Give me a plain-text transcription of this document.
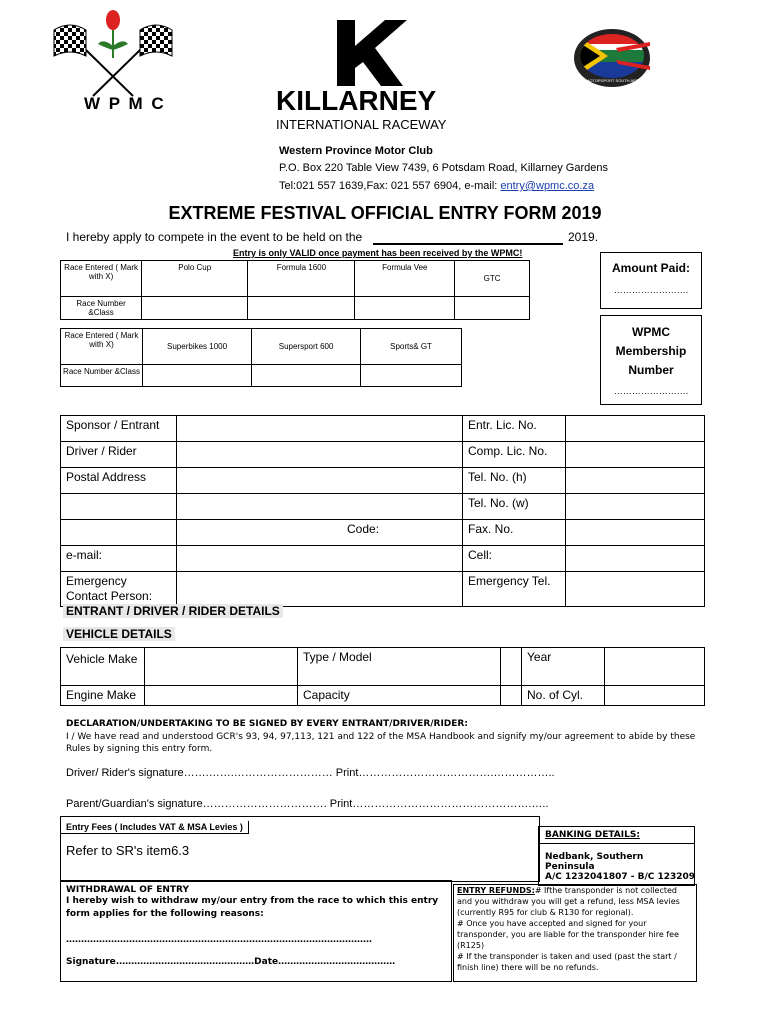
W P M C	KILLARNEY
INTERNATIONAL RACEWAY
MOTORSPORT SOUTH AFRICA
Western Province Motor Club
P.O. Box 220 Table View 7439, 6 Potsdam Road, Killarney Gardens
Tel:021 557 1639,Fax: 021 557 6904, e-mail: entry@wpmc.co.za
EXTREME FESTIVAL OFFICIAL ENTRY FORM 2019
I hereby apply to compete in the event to be held on the	2019.
Entry is only VALID once payment has been received by the WPMC!
Race Entered ( Mark with X)	Polo Cup	Formula 1600	Formula Vee	GTC
Race Number &Class				
Race Entered ( Mark with X)	Superbikes 1000	Supersport 600	Sports& GT
Race Number &Class			
Amount Paid:
…………………….
WPMC Membership Number
…………………….
Sponsor / Entrant		Entr. Lic. No.	
Driver / Rider		Comp. Lic. No.	
Postal Address		Tel. No. (h)	
		Tel. No. (w)	
	Code:	Fax. No.	
e-mail:		Cell:	
Emergency Contact Person:		Emergency Tel.	
ENTRANT / DRIVER / RIDER DETAILS
VEHICLE DETAILS
Vehicle Make		Type / Model		Year	
Engine Make		Capacity		No. of Cyl.	
DECLARATION/UNDERTAKING TO BE SIGNED BY EVERY ENTRANT/DRIVER/RIDER:
I / We have read and understood GCR's 93, 94, 97,113, 121 and 122 of the MSA Handbook and signify my/our agreement to abide by these Rules by signing this entry form.
Driver/ Rider's signature…….…….……………………… Print……………………………….……………..
Parent/Guardian's signature……………………………. Print………………………………………….…..
Entry Fees ( Includes VAT & MSA Levies )
Refer to SR's item6.3
BANKING DETAILS:
Nedbank, Southern Peninsula
A/C 1232041807 - B/C 123209
WITHDRAWAL OF ENTRY
I hereby wish to withdraw my/our entry from the race to which this entry form applies for the following reasons:
…………………………………………………………………………………………
Signature.………………………………………Date…………………………………
ENTRY REFUNDS:# Ifthe transponder is not collected and you withdraw you will get a refund, less MSA levies (currently R95 for club & R130 for regional).
# Once you have accepted and signed for your transponder, you are liable for the transponder hire fee (R125)
# If the transponder is taken and used (past the start / finish line) there will be no refunds.
